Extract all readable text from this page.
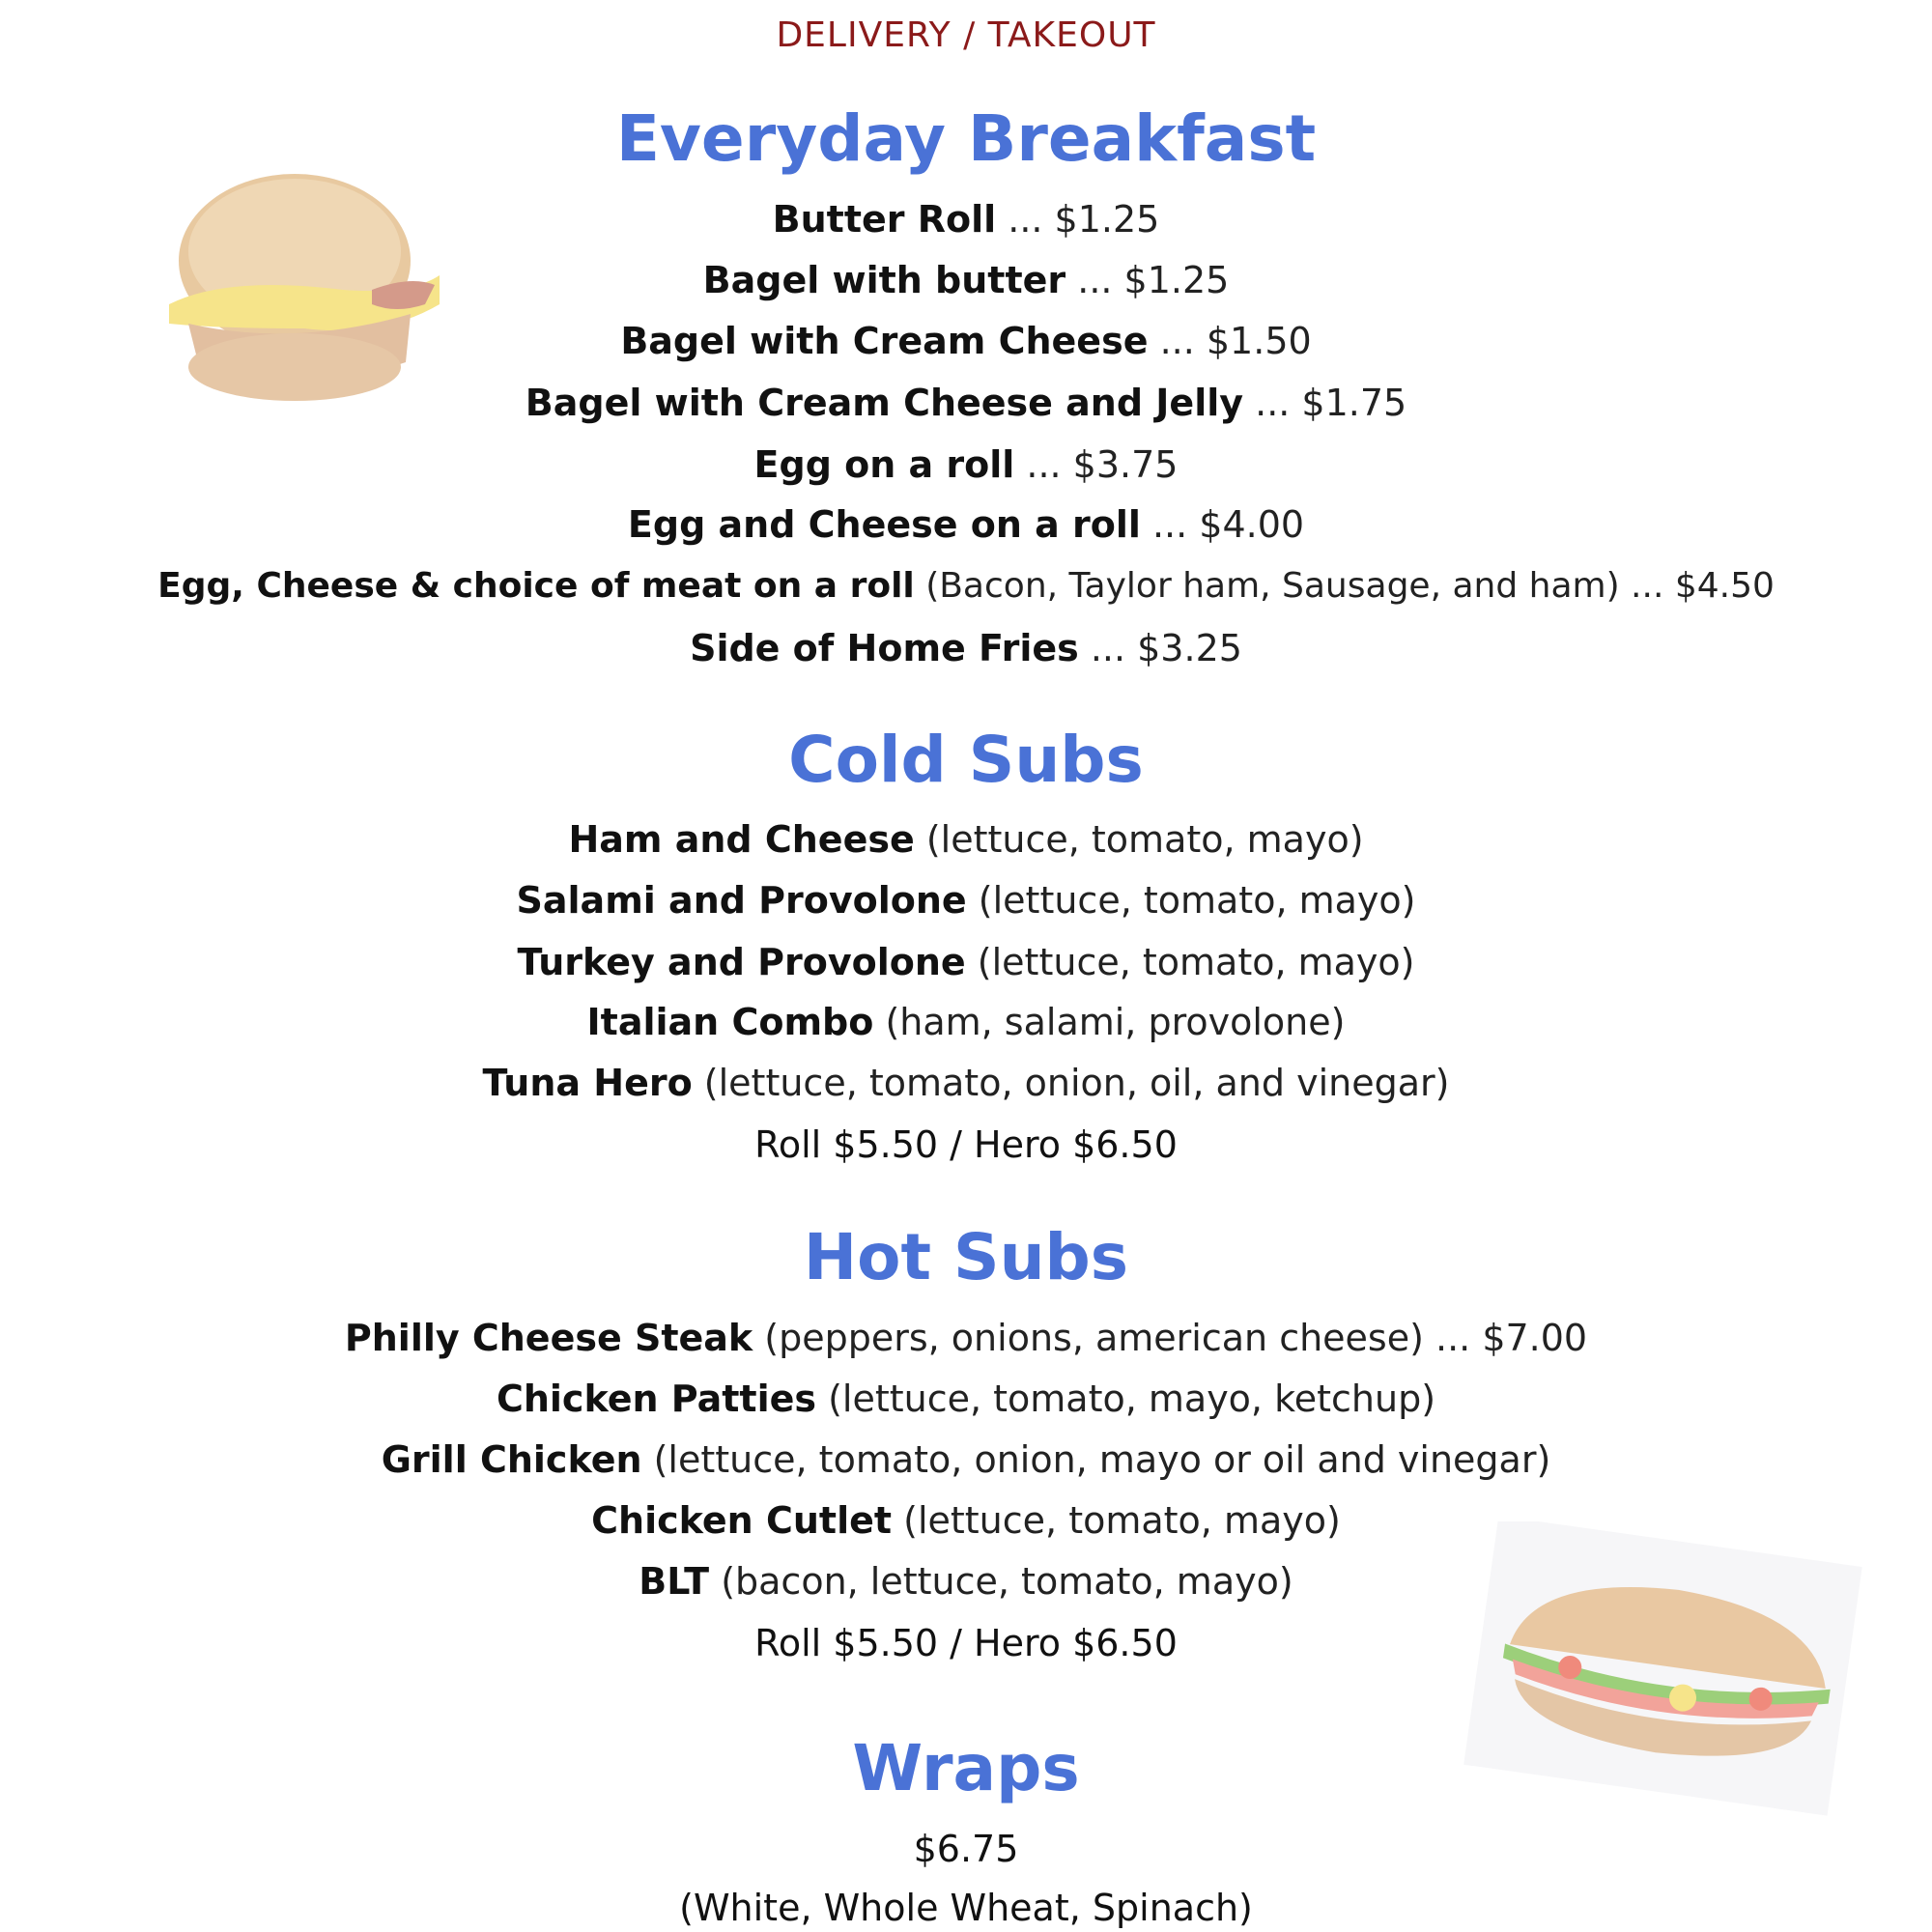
DELIVERY / TAKEOUT
Everyday Breakfast
Butter Roll ... $1.25
Bagel with butter ... $1.25
Bagel with Cream Cheese ... $1.50
Bagel with Cream Cheese and Jelly ... $1.75
Egg on a roll ... $3.75
Egg and Cheese on a roll ... $4.00
Egg, Cheese & choice of meat on a roll (Bacon, Taylor ham, Sausage, and ham) ... $4.50
Side of Home Fries ... $3.25
Cold Subs
Ham and Cheese (lettuce, tomato, mayo)
Salami and Provolone (lettuce, tomato, mayo)
Turkey and Provolone (lettuce, tomato, mayo)
Italian Combo (ham, salami, provolone)
Tuna Hero (lettuce, tomato, onion, oil, and vinegar)
Roll $5.50 / Hero $6.50
Hot Subs
Philly Cheese Steak (peppers, onions, american cheese) ... $7.00
Chicken Patties (lettuce, tomato, mayo, ketchup)
Grill Chicken (lettuce, tomato, onion, mayo or oil and vinegar)
Chicken Cutlet (lettuce, tomato, mayo)
BLT (bacon, lettuce, tomato, mayo)
Roll $5.50 / Hero $6.50
Wraps
$6.75
(White, Whole Wheat, Spinach)
